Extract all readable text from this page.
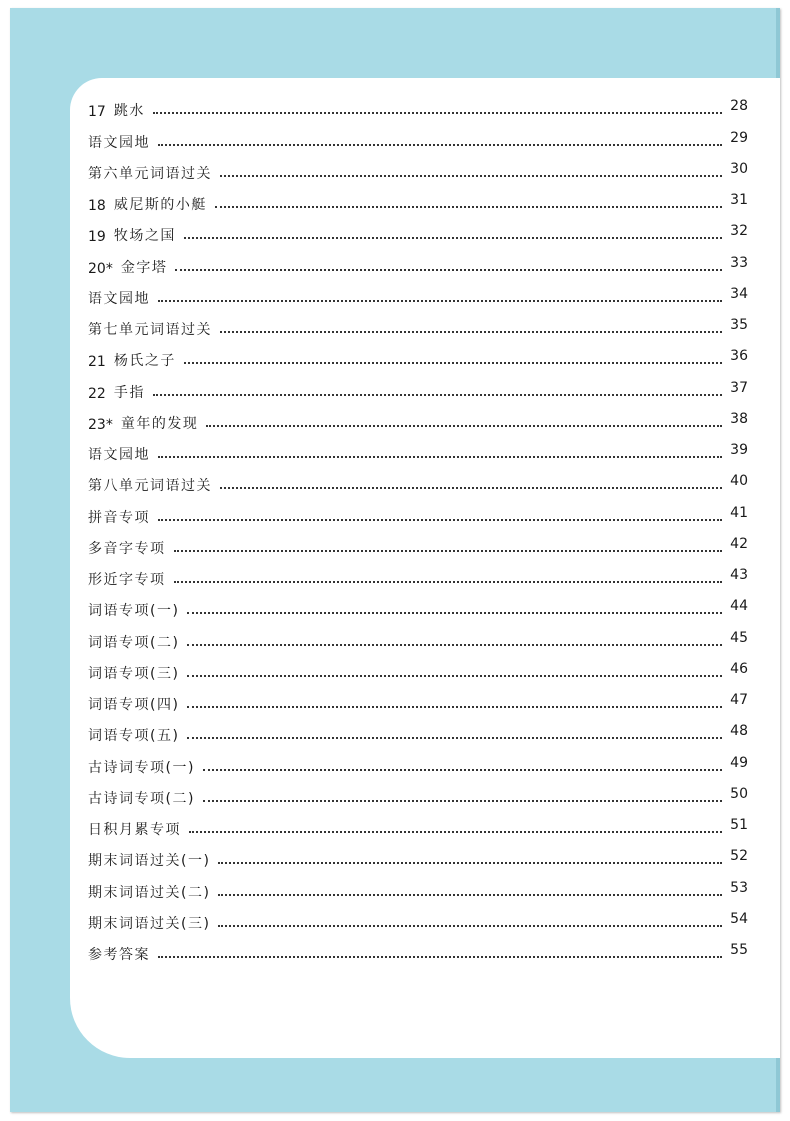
17 跳水	28
语文园地	29
第六单元词语过关	30
18 威尼斯的小艇	31
19 牧场之国	32
20* 金字塔	33
语文园地	34
第七单元词语过关	35
21 杨氏之子	36
22 手指	37
23* 童年的发现	38
语文园地	39
第八单元词语过关	40
拼音专项	41
多音字专项	42
形近字专项	43
词语专项(一)	44
词语专项(二)	45
词语专项(三)	46
词语专项(四)	47
词语专项(五)	48
古诗词专项(一)	49
古诗词专项(二)	50
日积月累专项	51
期末词语过关(一)	52
期末词语过关(二)	53
期末词语过关(三)	54
参考答案	55
